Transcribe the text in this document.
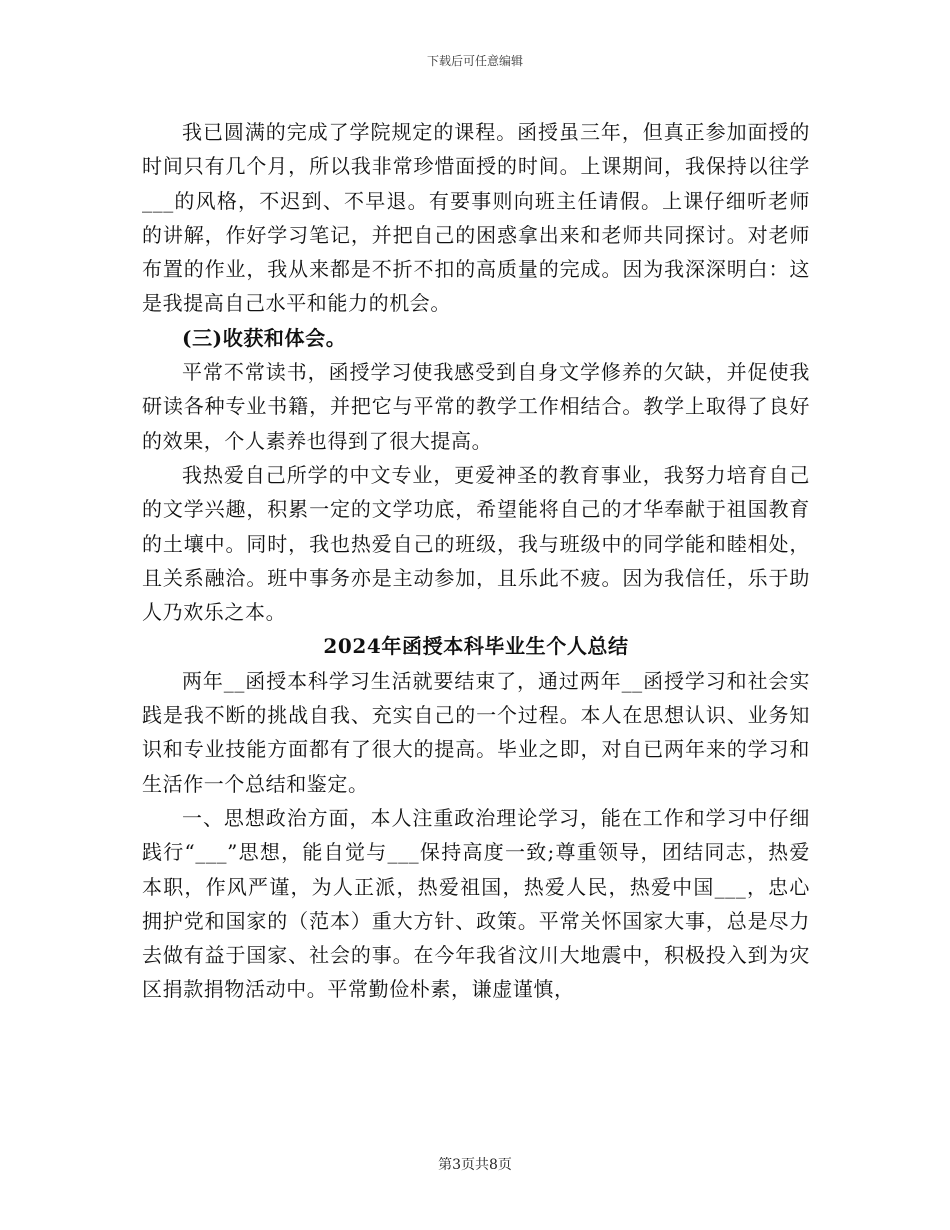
下载后可任意编辑

我已圆满的完成了学院规定的课程。函授虽三年，但真正参加面授的时间只有几个月，所以我非常珍惜面授的时间。上课期间，我保持以往学___的风格，不迟到、不早退。有要事则向班主任请假。上课仔细听老师的讲解，作好学习笔记，并把自己的困惑拿出来和老师共同探讨。对老师布置的作业，我从来都是不折不扣的高质量的完成。因为我深深明白：这是我提高自己水平和能力的机会。

(三)收获和体会。

平常不常读书，函授学习使我感受到自身文学修养的欠缺，并促使我研读各种专业书籍，并把它与平常的教学工作相结合。教学上取得了良好的效果，个人素养也得到了很大提高。

我热爱自己所学的中文专业，更爱神圣的教育事业，我努力培育自己的文学兴趣，积累一定的文学功底，希望能将自己的才华奉献于祖国教育的土壤中。同时，我也热爱自己的班级，我与班级中的同学能和睦相处，且关系融洽。班中事务亦是主动参加，且乐此不疲。因为我信任，乐于助人乃欢乐之本。

2024年函授本科毕业生个人总结

两年__函授本科学习生活就要结束了，通过两年__函授学习和社会实践是我不断的挑战自我、充实自己的一个过程。本人在思想认识、业务知识和专业技能方面都有了很大的提高。毕业之即，对自已两年来的学习和生活作一个总结和鉴定。

一、思想政治方面，本人注重政治理论学习，能在工作和学习中仔细践行“___”思想，能自觉与___保持高度一致;尊重领导，团结同志，热爱本职，作风严谨，为人正派，热爱祖国，热爱人民，热爱中国___，忠心拥护党和国家的（范本）重大方针、政策。平常关怀国家大事，总是尽力去做有益于国家、社会的事。在今年我省汶川大地震中，积极投入到为灾区捐款捐物活动中。平常勤俭朴素，谦虚谨慎，

第3页共8页
